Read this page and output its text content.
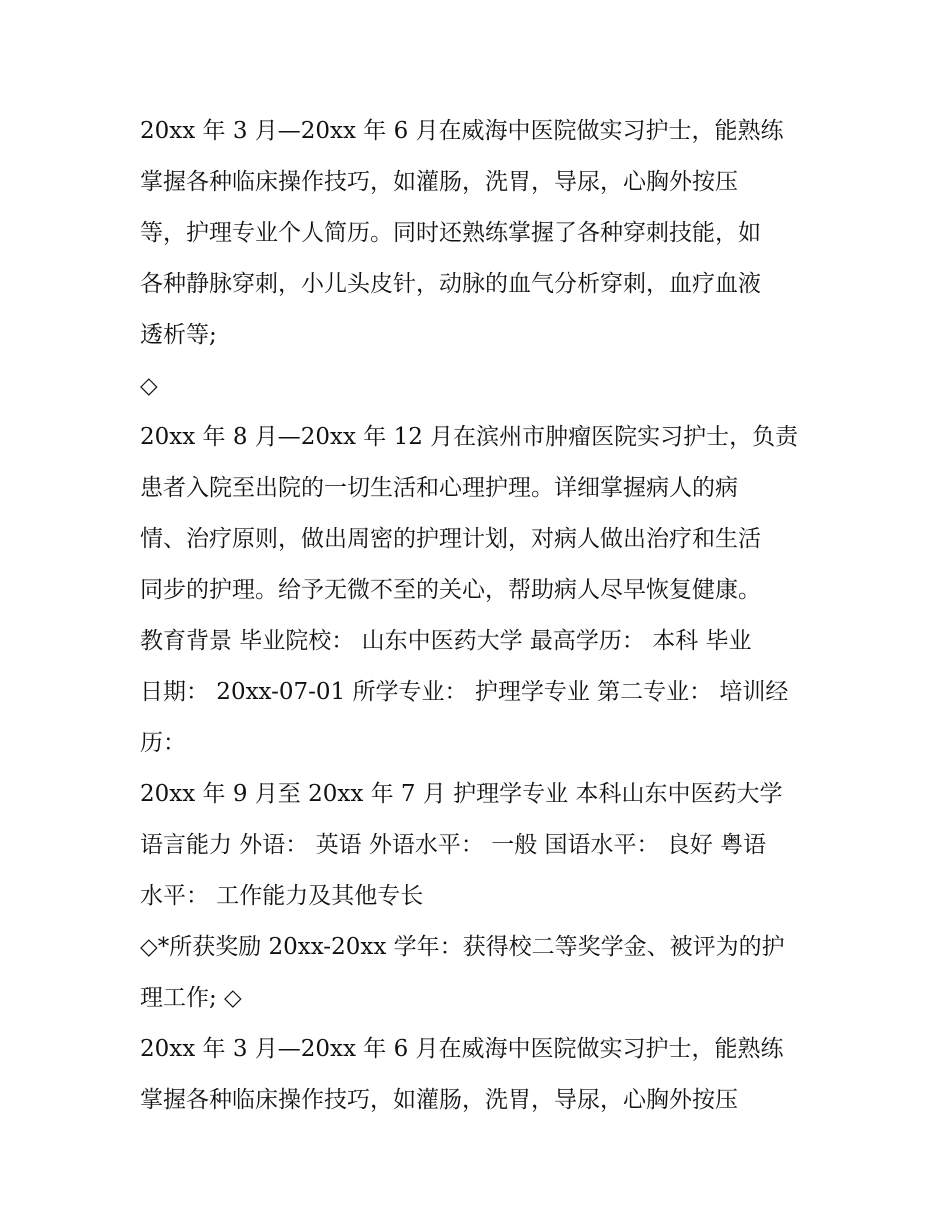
20xx 年 3 月—20xx 年 6 月在威海中医院做实习护士，能熟练
掌握各种临床操作技巧，如灌肠，洗胃，导尿，心胸外按压
等，护理专业个人简历。同时还熟练掌握了各种穿刺技能，如
各种静脉穿刺，小儿头皮针，动脉的血气分析穿刺，血疗血液
透析等;
◇
20xx 年 8 月—20xx 年 12 月在滨州市肿瘤医院实习护士，负责
患者入院至出院的一切生活和心理护理。详细掌握病人的病
情、治疗原则，做出周密的护理计划，对病人做出治疗和生活
同步的护理。给予无微不至的关心，帮助病人尽早恢复健康。
教育背景 毕业院校： 山东中医药大学 最高学历： 本科 毕业
日期： 20xx-07-01 所学专业： 护理学专业 第二专业： 培训经
历：
20xx 年 9 月至 20xx 年 7 月 护理学专业 本科山东中医药大学
语言能力 外语： 英语 外语水平： 一般 国语水平： 良好 粤语
水平： 工作能力及其他专长
◇*所获奖励 20xx-20xx 学年：获得校二等奖学金、被评为的护
理工作; ◇
20xx 年 3 月—20xx 年 6 月在威海中医院做实习护士，能熟练
掌握各种临床操作技巧，如灌肠，洗胃，导尿，心胸外按压
